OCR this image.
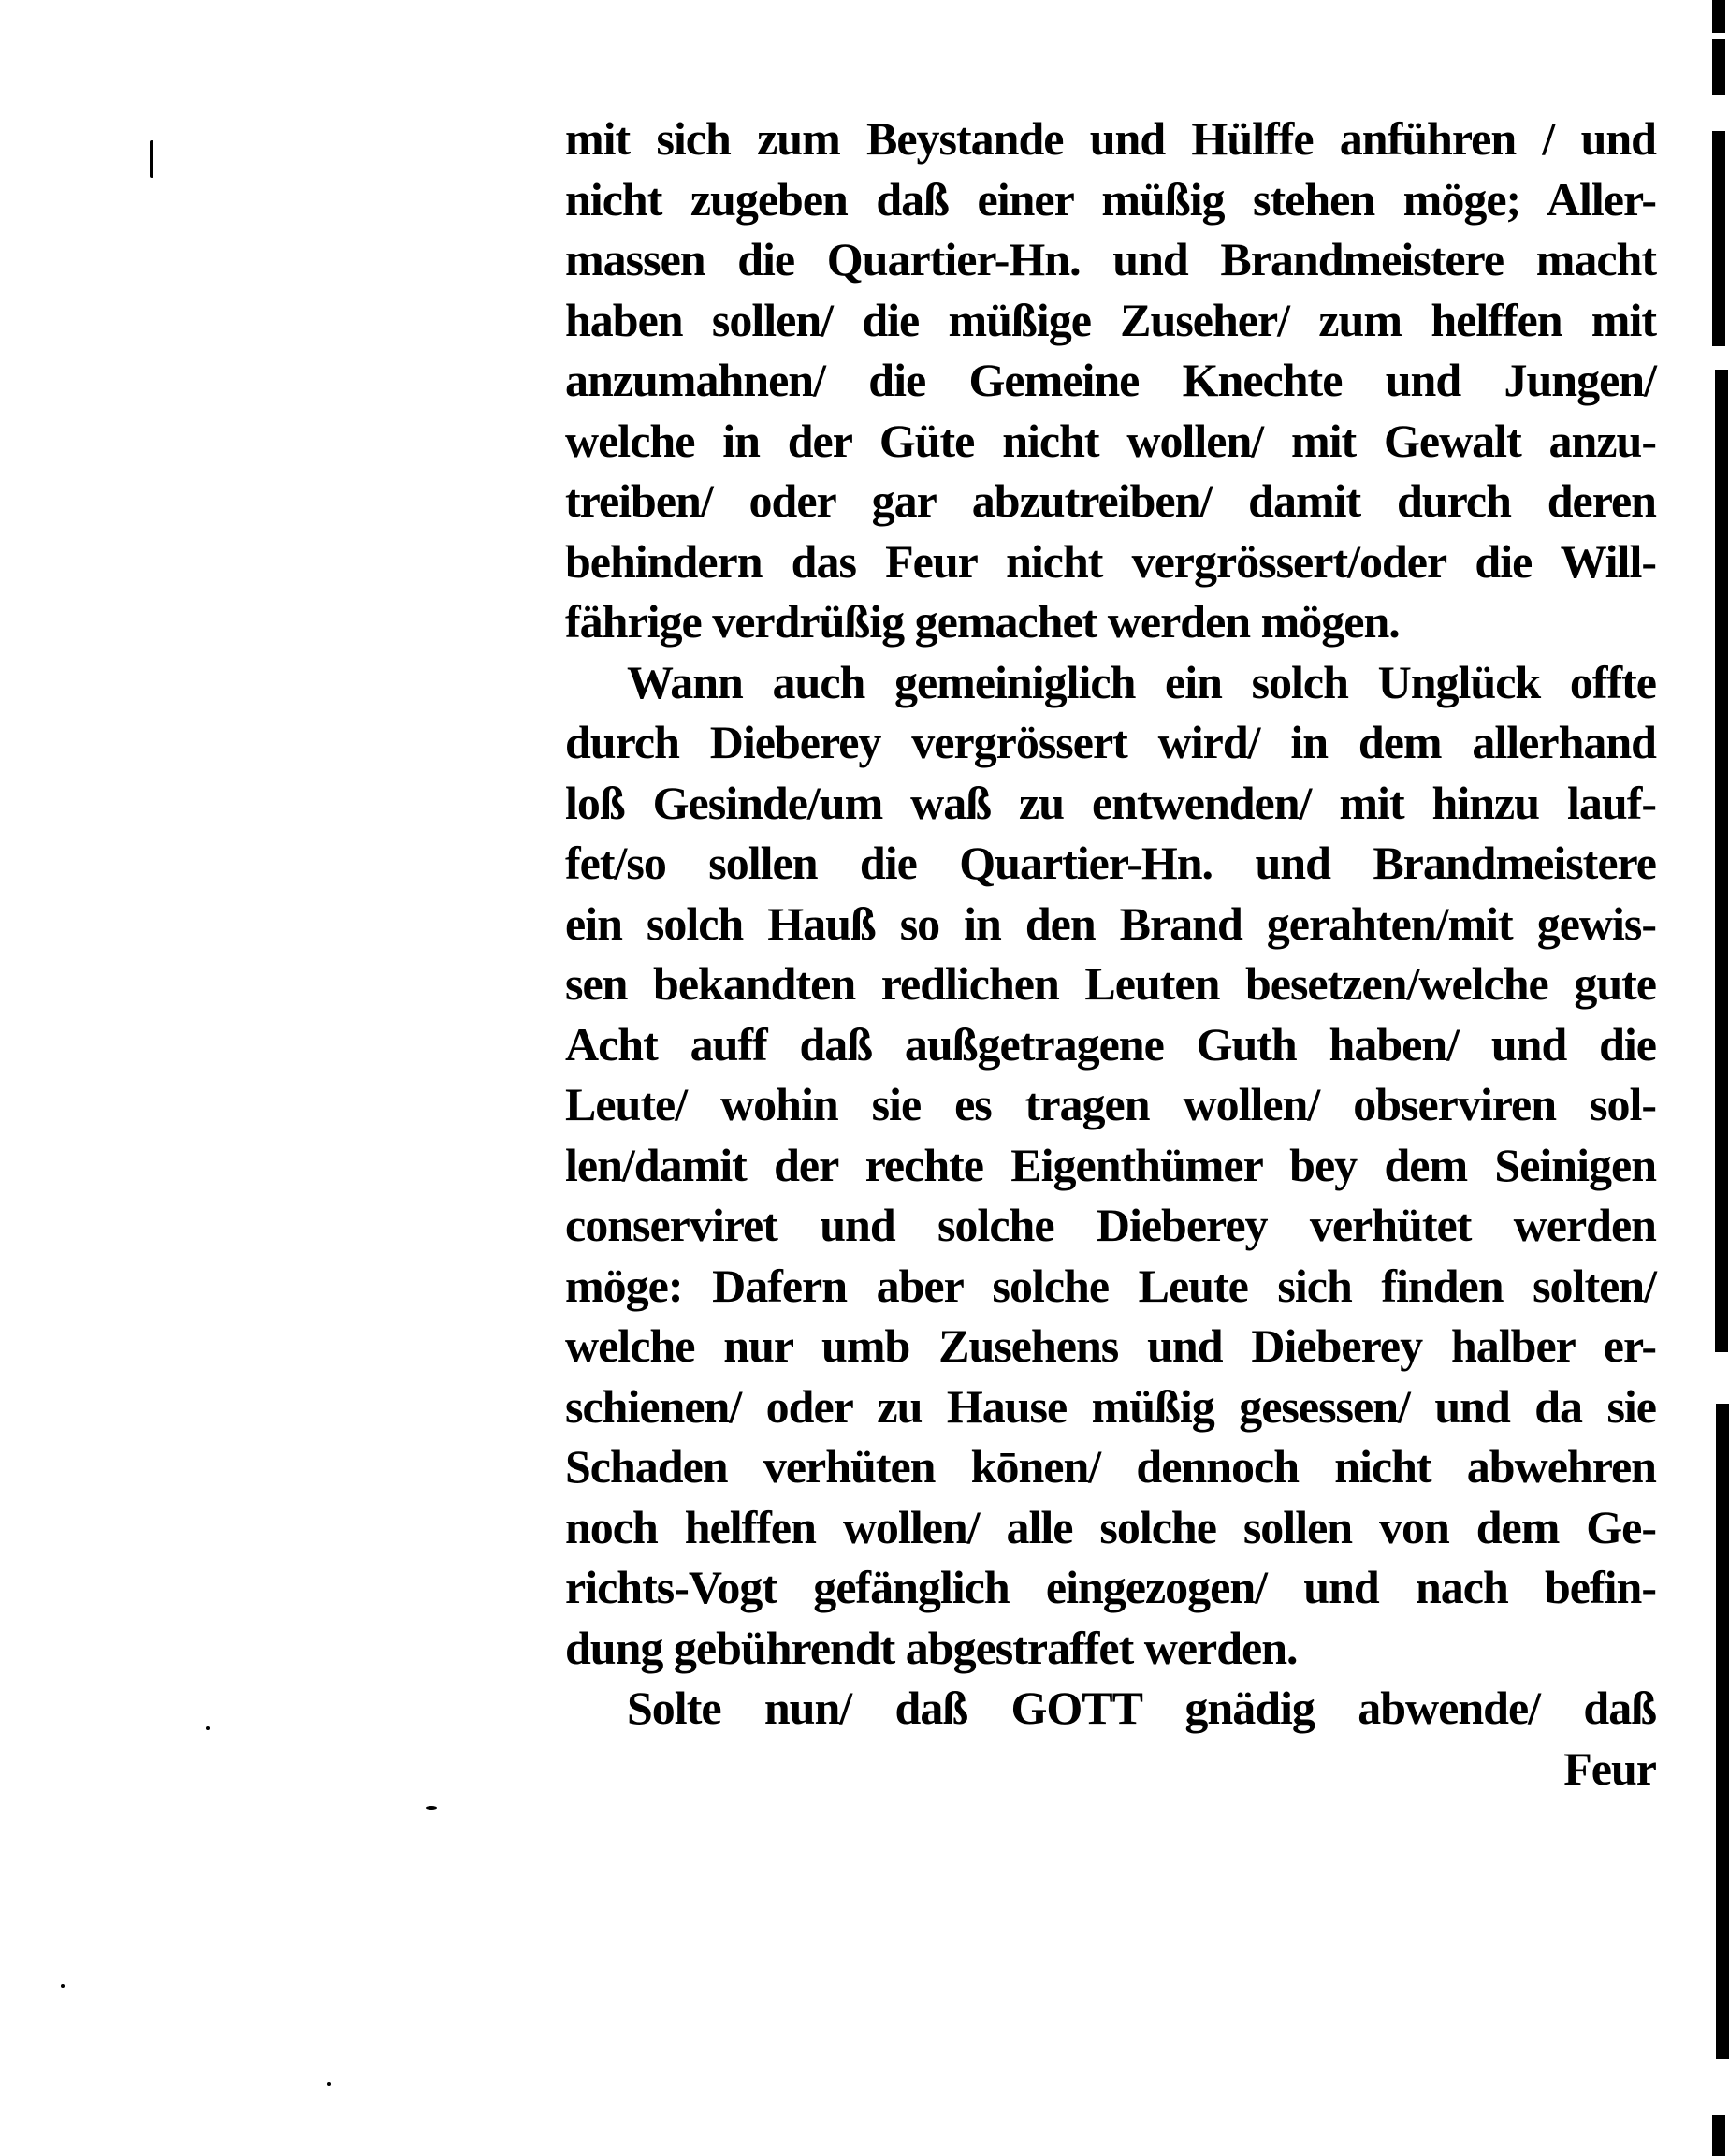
mit sich zum Beystande und Hülffe anführen / und
nicht zugeben daß einer müßig stehen möge; Aller-
massen die Quartier-Hn. und Brandmeistere macht
haben sollen/ die müßige Zuseher/ zum helffen mit
anzumahnen/ die Gemeine Knechte und Jungen/
welche in der Güte nicht wollen/ mit Gewalt anzu-
treiben/ oder gar abzutreiben/ damit durch deren
behindern das Feur nicht vergrössert/oder die Will-
fährige verdrüßig gemachet werden mögen.
Wann auch gemeiniglich ein solch Unglück offte
durch Dieberey vergrössert wird/ in dem allerhand
loß Gesinde/um waß zu entwenden/ mit hinzu lauf-
fet/so sollen die Quartier-Hn. und Brandmeistere
ein solch Hauß so in den Brand gerahten/mit gewis-
sen bekandten redlichen Leuten besetzen/welche gute
Acht auff daß außgetragene Guth haben/ und die
Leute/ wohin sie es tragen wollen/ observiren sol-
len/damit der rechte Eigenthümer bey dem Seinigen
conserviret und solche Dieberey verhütet werden
möge: Dafern aber solche Leute sich finden solten/
welche nur umb Zusehens und Dieberey halber er-
schienen/ oder zu Hause müßig gesessen/ und da sie
Schaden verhüten kōnen/ dennoch nicht abwehren
noch helffen wollen/ alle solche sollen von dem Ge-
richts-Vogt gefänglich eingezogen/ und nach befin-
dung gebührendt abgestraffet werden.
Solte nun/ daß GOTT gnädig abwende/ daß
Feur
